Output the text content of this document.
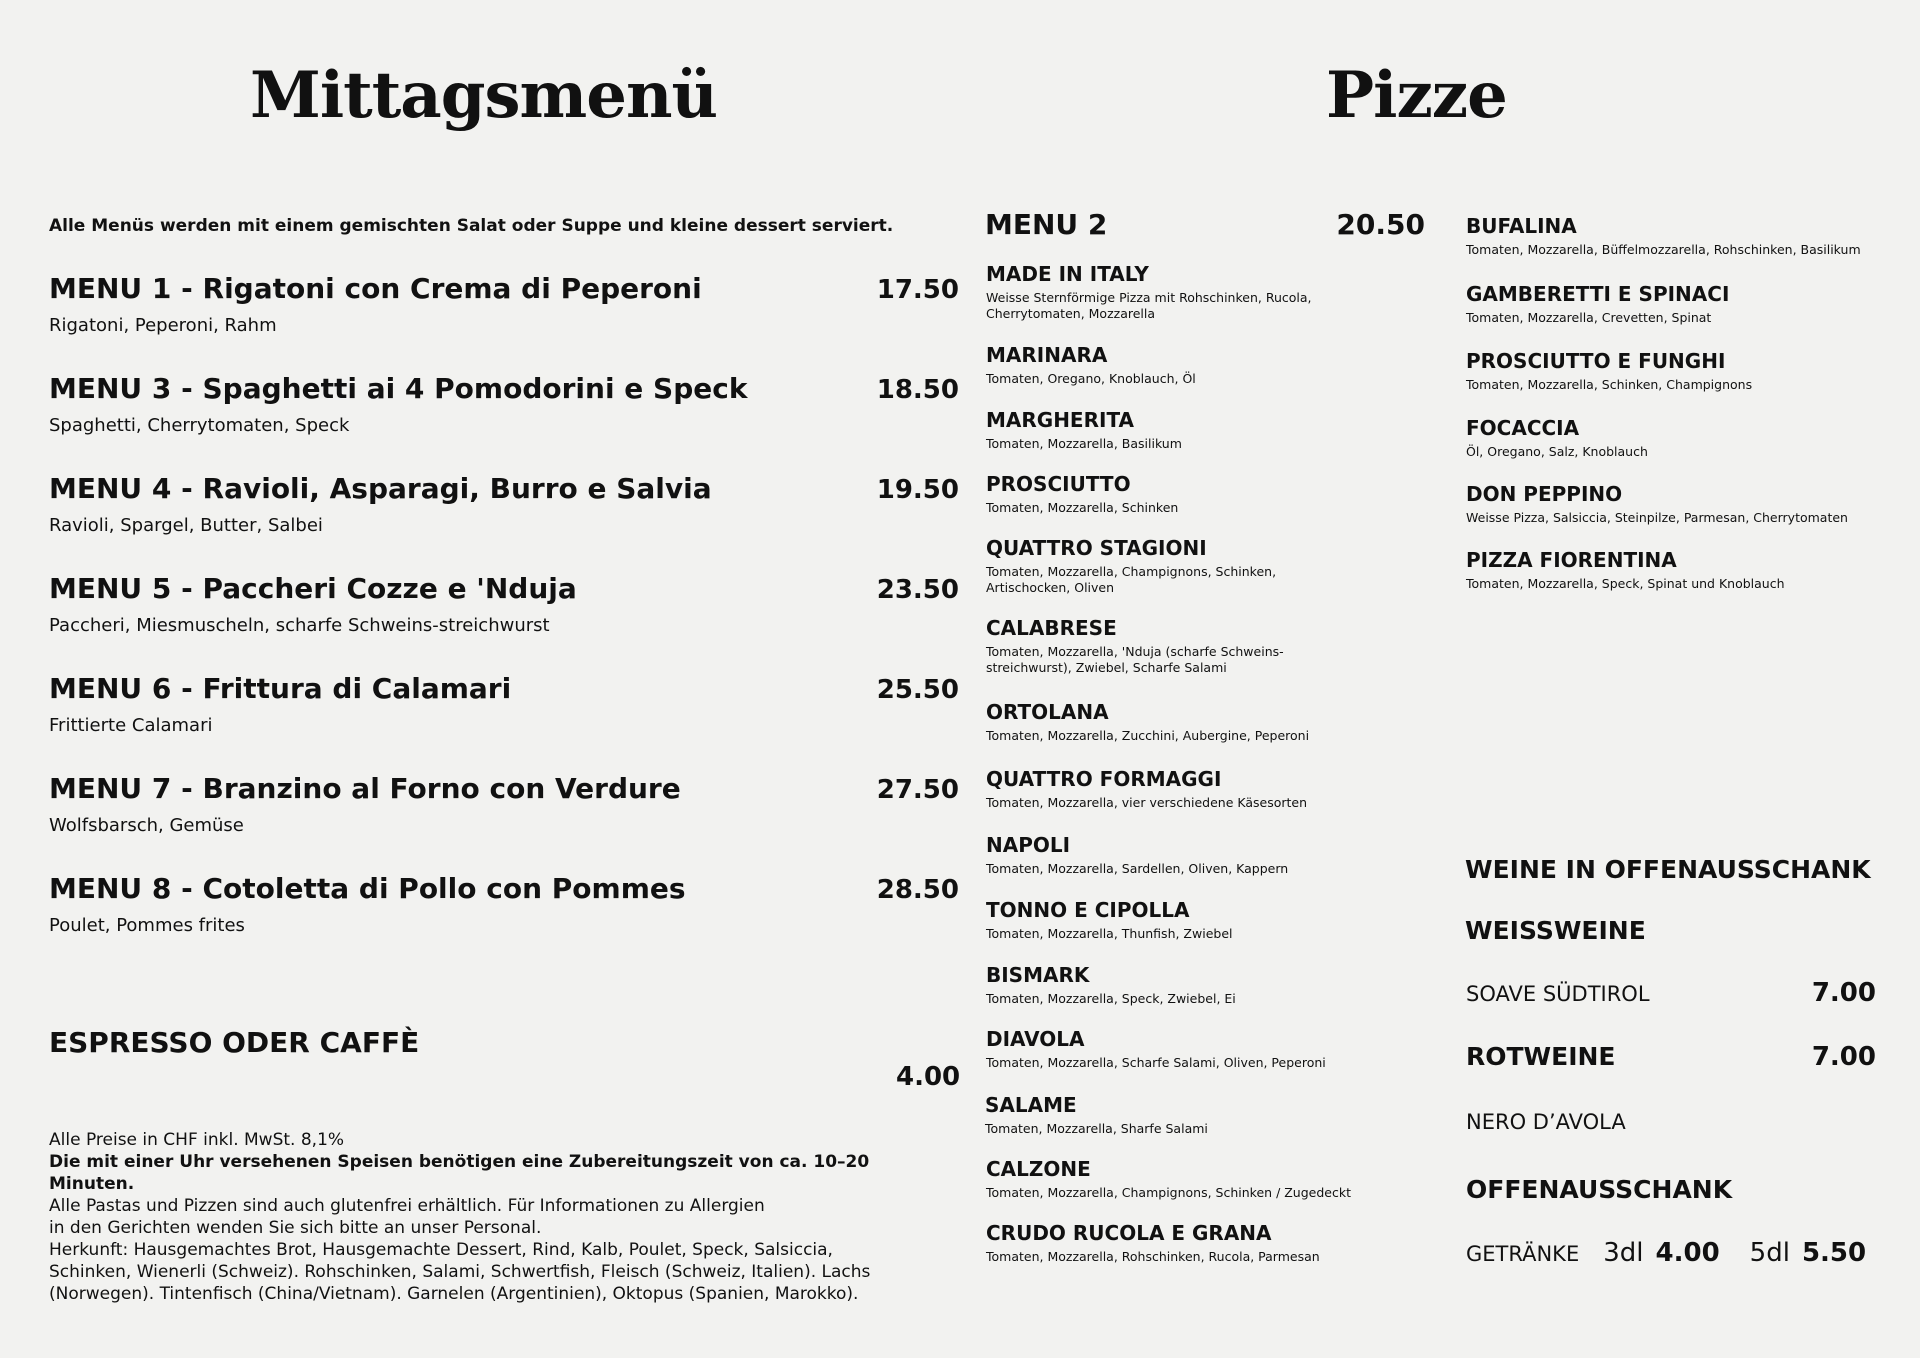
Mittagsmenü
Alle Menüs werden mit einem gemischten Salat oder Suppe und kleine dessert serviert.
MENU 1 - Rigatoni con Crema di Peperoni	17.50
Rigatoni, Peperoni, Rahm
MENU 3 - Spaghetti ai 4 Pomodorini e Speck	18.50
Spaghetti, Cherrytomaten, Speck
MENU 4 - Ravioli, Asparagi, Burro e Salvia	19.50
Ravioli, Spargel, Butter, Salbei
MENU 5 - Paccheri Cozze e 'Nduja	23.50
Paccheri, Miesmuscheln, scharfe Schweins-streichwurst
MENU 6 - Frittura di Calamari	25.50
Frittierte Calamari
MENU 7 - Branzino al Forno con Verdure	27.50
Wolfsbarsch, Gemüse
MENU 8 - Cotoletta di Pollo con Pommes	28.50
Poulet, Pommes frites
ESPRESSO ODER CAFFÈ
4.00
Alle Preise in CHF inkl. MwSt. 8,1%
Die mit einer Uhr versehenen Speisen benötigen eine Zubereitungszeit von ca. 10–20 Minuten.
Alle Pastas und Pizzen sind auch glutenfrei erhältlich. Für Informationen zu Allergien
in den Gerichten wenden Sie sich bitte an unser Personal.
Herkunft: Hausgemachtes Brot, Hausgemachte Dessert, Rind, Kalb, Poulet, Speck, Salsiccia,
Schinken, Wienerli (Schweiz). Rohschinken, Salami, Schwertfish, Fleisch (Schweiz, Italien). Lachs
(Norwegen). Tintenfisch (China/Vietnam). Garnelen (Argentinien), Oktopus (Spanien, Marokko).
Pizze
MENU 2	20.50
MADE IN ITALY
Weisse Sternförmige Pizza mit Rohschinken, Rucola, Cherrytomaten, Mozzarella
MARINARA
Tomaten, Oregano, Knoblauch, Öl
MARGHERITA
Tomaten, Mozzarella, Basilikum
PROSCIUTTO
Tomaten, Mozzarella, Schinken
QUATTRO STAGIONI
Tomaten, Mozzarella, Champignons, Schinken, Artischocken, Oliven
CALABRESE
Tomaten, Mozzarella, 'Nduja (scharfe Schweins-streichwurst), Zwiebel, Scharfe Salami
ORTOLANA
Tomaten, Mozzarella, Zucchini, Aubergine, Peperoni
QUATTRO FORMAGGI
Tomaten, Mozzarella, vier verschiedene Käsesorten
NAPOLI
Tomaten, Mozzarella, Sardellen, Oliven, Kappern
TONNO E CIPOLLA
Tomaten, Mozzarella, Thunfish, Zwiebel
BISMARK
Tomaten, Mozzarella, Speck, Zwiebel, Ei
DIAVOLA
Tomaten, Mozzarella, Scharfe Salami, Oliven, Peperoni
SALAME
Tomaten, Mozzarella, Sharfe Salami
CALZONE
Tomaten, Mozzarella, Champignons, Schinken / Zugedeckt
CRUDO RUCOLA E GRANA
Tomaten, Mozzarella, Rohschinken, Rucola, Parmesan
BUFALINA
Tomaten, Mozzarella, Büffelmozzarella, Rohschinken, Basilikum
GAMBERETTI E SPINACI
Tomaten, Mozzarella, Crevetten, Spinat
PROSCIUTTO E FUNGHI
Tomaten, Mozzarella, Schinken, Champignons
FOCACCIA
Öl, Oregano, Salz, Knoblauch
DON PEPPINO
Weisse Pizza, Salsiccia, Steinpilze, Parmesan, Cherrytomaten
PIZZA FIORENTINA
Tomaten, Mozzarella, Speck, Spinat und Knoblauch
WEINE IN OFFENAUSSCHANK
WEISSWEINE
SOAVE SÜDTIROL	7.00
ROTWEINE	7.00
NERO D’AVOLA
OFFENAUSSCHANK
GETRÄNKE 3dl 4.00 5dl 5.50
